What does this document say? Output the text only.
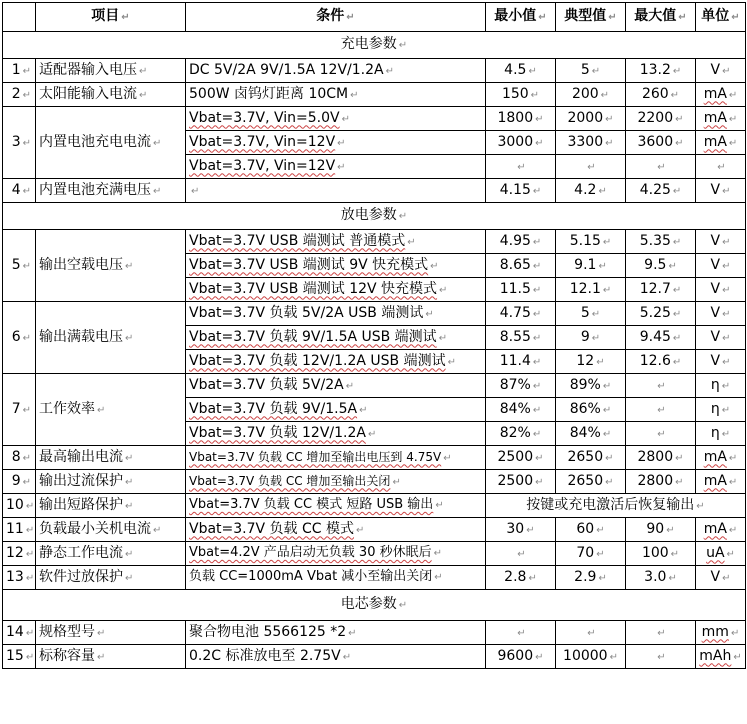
	项目 ↵	条件 ↵	最小值 ↵	典型值 ↵	最大值 ↵	单位 ↵
充电参数 ↵						
1 ↵	适配器输入电压 ↵	DC 5V/2A 9V/1.5A 12V/1.2A ↵	4.5 ↵	5 ↵	13.2 ↵	V ↵
2 ↵	太阳能输入电流 ↵	500W 卤钨灯距离 10CM ↵	150 ↵	200 ↵	260 ↵	mA ↵
3 ↵	内置电池充电电流 ↵	Vbat=3.7V, Vin=5.0V ↵	1800 ↵	2000 ↵	2200 ↵	mA ↵
		Vbat=3.7V, Vin=12V ↵	3000 ↵	3300 ↵	3600 ↵	mA ↵
		Vbat=3.7V, Vin=12V ↵	↵	↵	↵	↵
4 ↵	内置电池充满电压 ↵	↵	4.15 ↵	4.2 ↵	4.25 ↵	V ↵
放电参数 ↵						
5 ↵	输出空载电压 ↵	Vbat=3.7V USB 端测试 普通模式 ↵	4.95 ↵	5.15 ↵	5.35 ↵	V ↵
		Vbat=3.7V USB 端测试 9V 快充模式 ↵	8.65 ↵	9.1 ↵	9.5 ↵	V ↵
		Vbat=3.7V USB 端测试 12V 快充模式 ↵	11.5 ↵	12.1 ↵	12.7 ↵	V ↵
6 ↵	输出满载电压 ↵	Vbat=3.7V 负载 5V/2A USB 端测试 ↵	4.75 ↵	5 ↵	5.25 ↵	V ↵
		Vbat=3.7V 负载 9V/1.5A USB 端测试 ↵	8.55 ↵	9 ↵	9.45 ↵	V ↵
		Vbat=3.7V 负载 12V/1.2A USB 端测试 ↵	11.4 ↵	12 ↵	12.6 ↵	V ↵
7 ↵	工作效率 ↵	Vbat=3.7V 负载 5V/2A ↵	87% ↵	89% ↵	↵	η ↵
		Vbat=3.7V 负载 9V/1.5A ↵	84% ↵	86% ↵	↵	η ↵
		Vbat=3.7V 负载 12V/1.2A ↵	82% ↵	84% ↵	↵	η ↵
8 ↵	最高输出电流 ↵	Vbat=3.7V 负载 CC 增加至输出电压到 4.75V ↵	2500 ↵	2650 ↵	2800 ↵	mA ↵
9 ↵	输出过流保护 ↵	Vbat=3.7V 负载 CC 增加至输出关闭 ↵	2500 ↵	2650 ↵	2800 ↵	mA ↵
10 ↵	输出短路保护 ↵	Vbat=3.7V 负载 CC 模式 短路 USB 输出 ↵	按键或充电激活后恢复输出 ↵			
11 ↵	负载最小关机电流 ↵	Vbat=3.7V 负载 CC 模式 ↵	30 ↵	60 ↵	90 ↵	mA ↵
12 ↵	静态工作电流 ↵	Vbat=4.2V 产品启动无负载 30 秒休眠后 ↵	↵	70 ↵	100 ↵	uA ↵
13 ↵	软件过放保护 ↵	负载 CC=1000mA Vbat 减小至输出关闭 ↵	2.8 ↵	2.9 ↵	3.0 ↵	V ↵
电芯参数 ↵						
14 ↵	规格型号 ↵	聚合物电池 5566125 *2 ↵	↵	↵	↵	mm ↵
15 ↵	标称容量 ↵	0.2C 标准放电至 2.75V ↵	9600 ↵	10000 ↵	↵	mAh ↵
